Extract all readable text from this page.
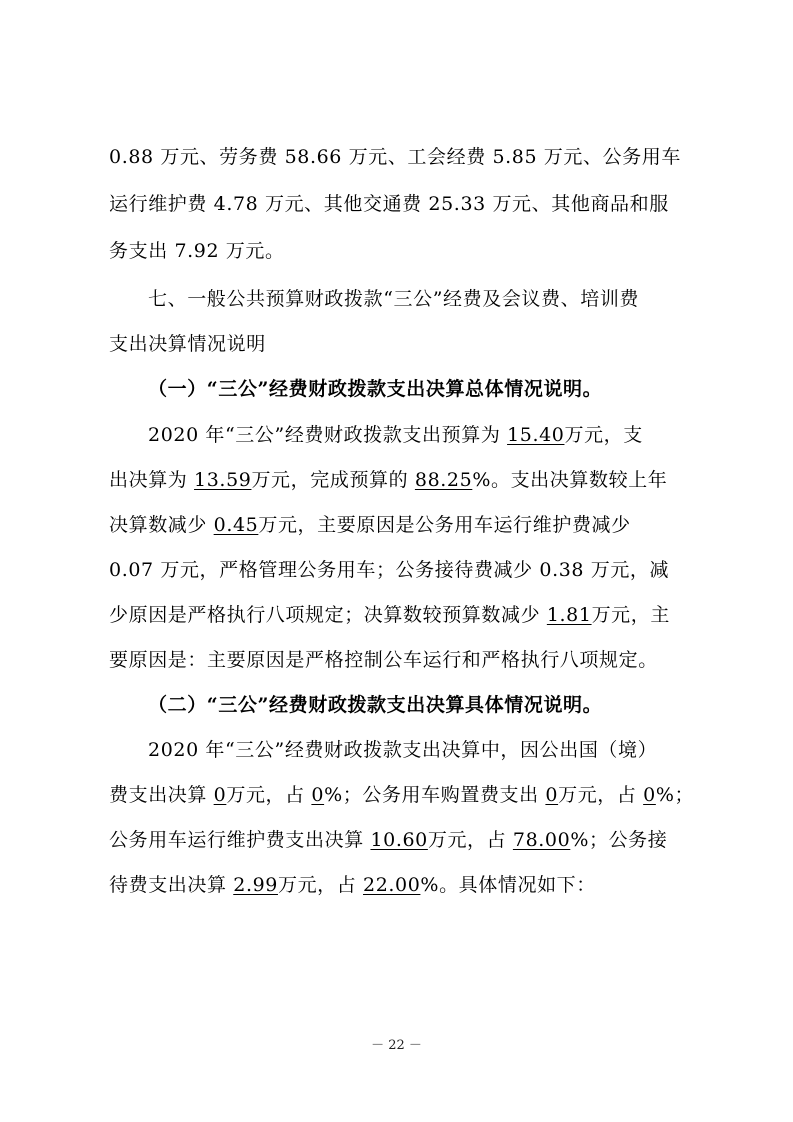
0.88 万元、劳务费 58.66 万元、工会经费 5.85 万元、公务用车
运行维护费 4.78 万元、其他交通费 25.33 万元、其他商品和服
务支出 7.92 万元。
七、一般公共预算财政拨款“三公”经费及会议费、培训费
支出决算情况说明
（一）“三公”经费财政拨款支出决算总体情况说明。
2020 年“三公”经费财政拨款支出预算为 15.40万元，支
出决算为 13.59万元，完成预算的 88.25%。支出决算数较上年
决算数减少 0.45万元，主要原因是公务用车运行维护费减少
0.07 万元，严格管理公务用车；公务接待费减少 0.38 万元，减
少原因是严格执行八项规定；决算数较预算数减少 1.81万元，主
要原因是：主要原因是严格控制公车运行和严格执行八项规定。
（二）“三公”经费财政拨款支出决算具体情况说明。
2020 年“三公”经费财政拨款支出决算中，因公出国（境）
费支出决算 0万元，占 0%；公务用车购置费支出 0万元，占 0%；
公务用车运行维护费支出决算 10.60万元，占 78.00%；公务接
待费支出决算 2.99万元，占 22.00%。具体情况如下：
－ 22 －
